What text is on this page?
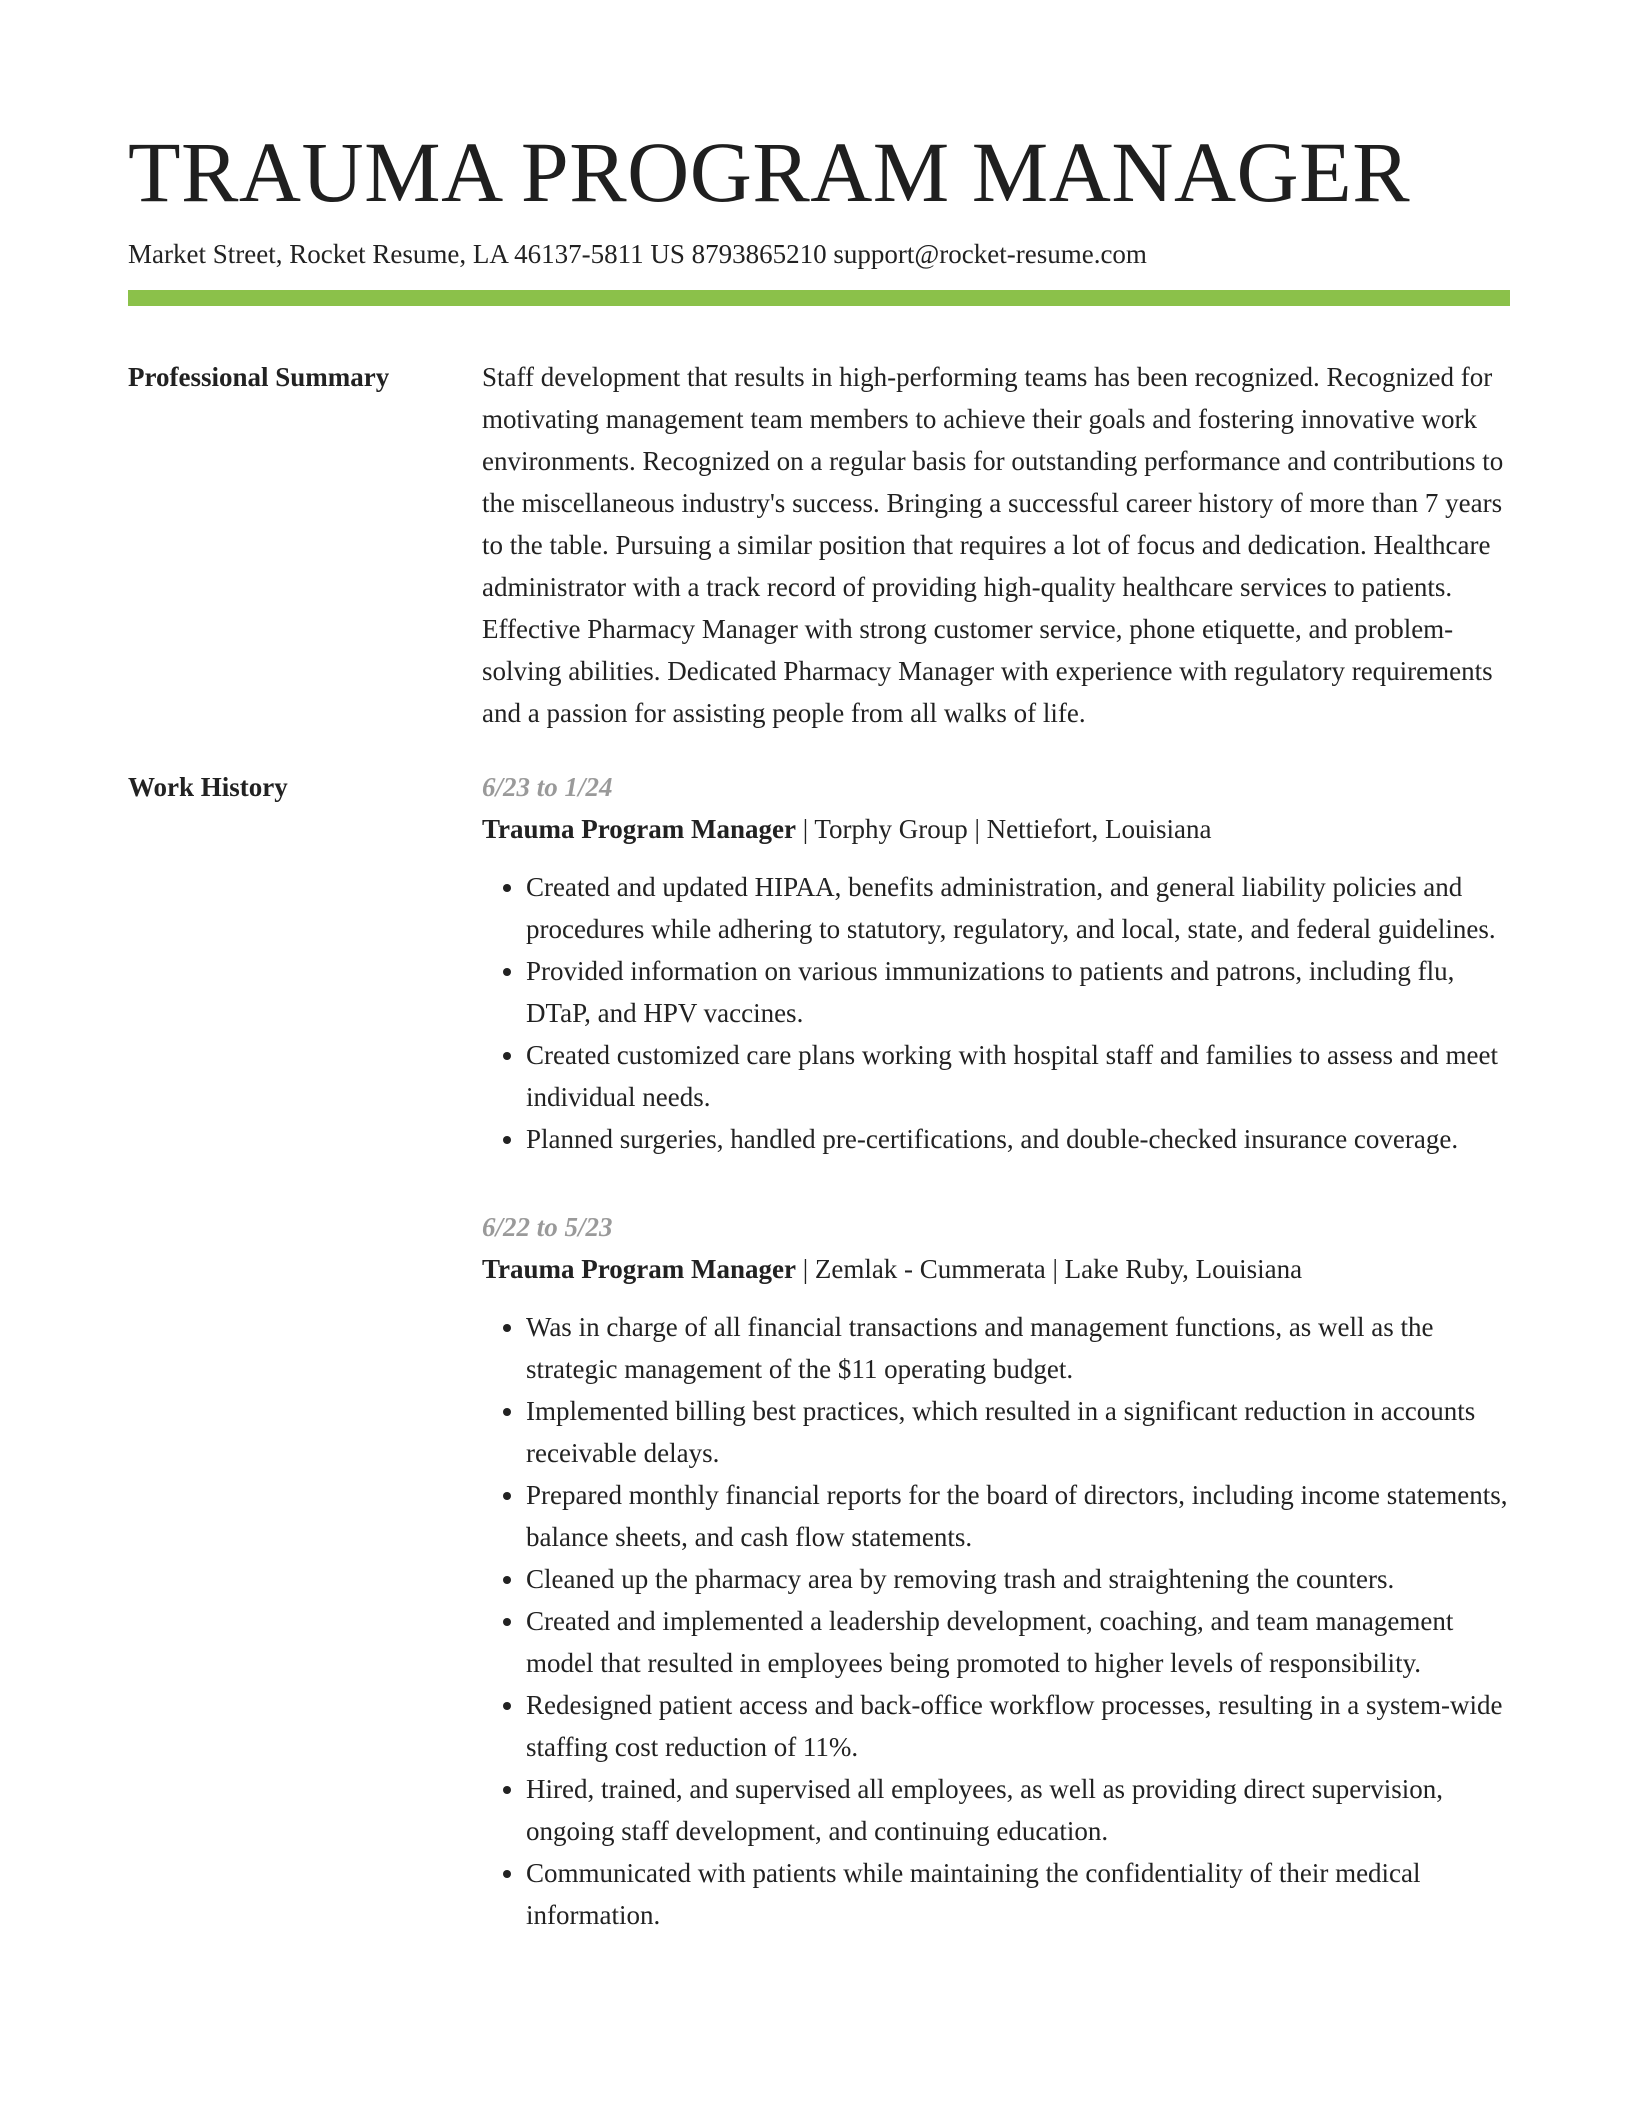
TRAUMA PROGRAM MANAGER
Market Street, Rocket Resume, LA 46137-5811 US 8793865210 support@rocket-resume.com
Professional Summary	Staff development that results in high-performing teams has been recognized. Recognized for motivating management team members to achieve their goals and fostering innovative work environments. Recognized on a regular basis for outstanding performance and contributions to the miscellaneous industry's success. Bringing a successful career history of more than 7 years to the table. Pursuing a similar position that requires a lot of focus and dedication. Healthcare administrator with a track record of providing high-quality healthcare services to patients. Effective Pharmacy Manager with strong customer service, phone etiquette, and problem-solving abilities. Dedicated Pharmacy Manager with experience with regulatory requirements and a passion for assisting people from all walks of life.
Work History	6/23 to 1/24
Trauma Program Manager | Torphy Group | Nettiefort, Louisiana
• Created and updated HIPAA, benefits administration, and general liability policies and procedures while adhering to statutory, regulatory, and local, state, and federal guidelines.
• Provided information on various immunizations to patients and patrons, including flu, DTaP, and HPV vaccines.
• Created customized care plans working with hospital staff and families to assess and meet individual needs.
• Planned surgeries, handled pre-certifications, and double-checked insurance coverage.
6/22 to 5/23
Trauma Program Manager | Zemlak - Cummerata | Lake Ruby, Louisiana
• Was in charge of all financial transactions and management functions, as well as the strategic management of the $11 operating budget.
• Implemented billing best practices, which resulted in a significant reduction in accounts receivable delays.
• Prepared monthly financial reports for the board of directors, including income statements, balance sheets, and cash flow statements.
• Cleaned up the pharmacy area by removing trash and straightening the counters.
• Created and implemented a leadership development, coaching, and team management model that resulted in employees being promoted to higher levels of responsibility.
• Redesigned patient access and back-office workflow processes, resulting in a system-wide staffing cost reduction of 11%.
• Hired, trained, and supervised all employees, as well as providing direct supervision, ongoing staff development, and continuing education.
• Communicated with patients while maintaining the confidentiality of their medical information.
